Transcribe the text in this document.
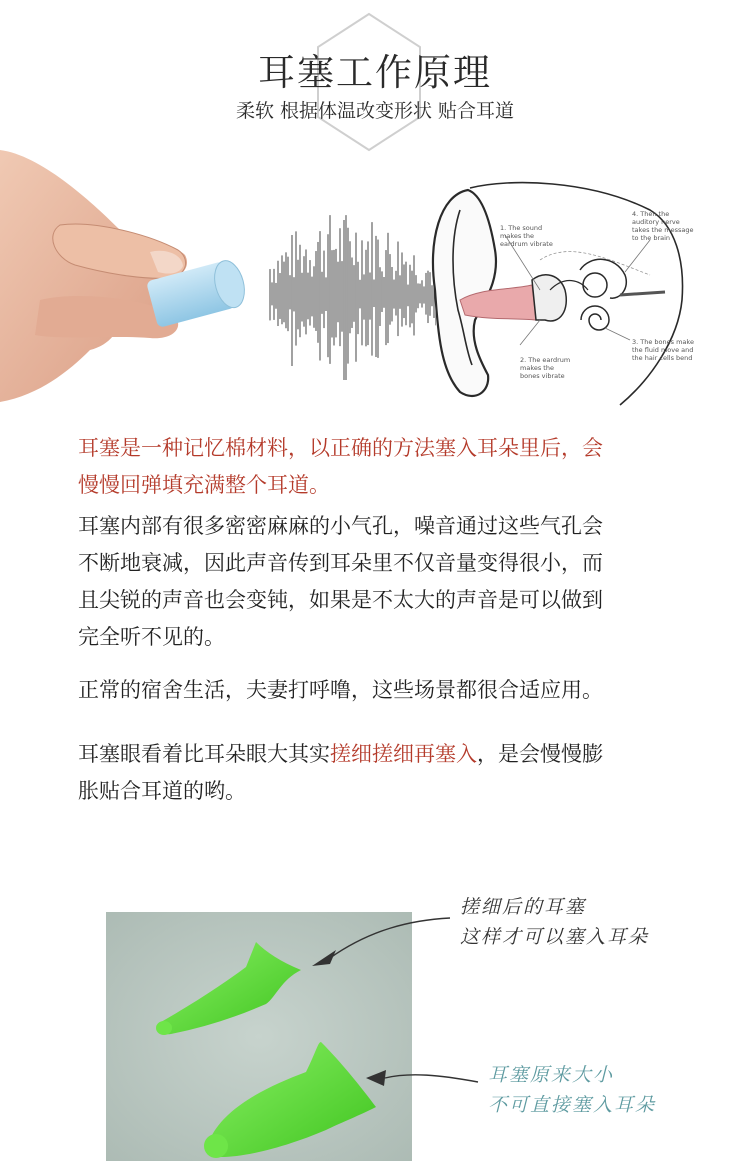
耳塞工作原理
柔软 根据体温改变形状 贴合耳道
1. The sound
makes the
eardrum vibrate
2. The eardrum
makes the
bones vibrate
3. The bones make
the fluid move and
the hair cells bend
4. Then the
auditory nerve
takes the message
to the brain
耳塞是一种记忆棉材料，以正确的方法塞入耳朵里后，会
慢慢回弹填充满整个耳道。
耳塞内部有很多密密麻麻的小气孔，噪音通过这些气孔会
不断地衰减，因此声音传到耳朵里不仅音量变得很小，而
且尖锐的声音也会变钝，如果是不太大的声音是可以做到
完全听不见的。
正常的宿舍生活，夫妻打呼噜，这些场景都很合适应用。
耳塞眼看着比耳朵眼大其实搓细搓细再塞入，是会慢慢膨
胀贴合耳道的哟。
搓细后的耳塞
这样才可以塞入耳朵
耳塞原来大小
不可直接塞入耳朵
